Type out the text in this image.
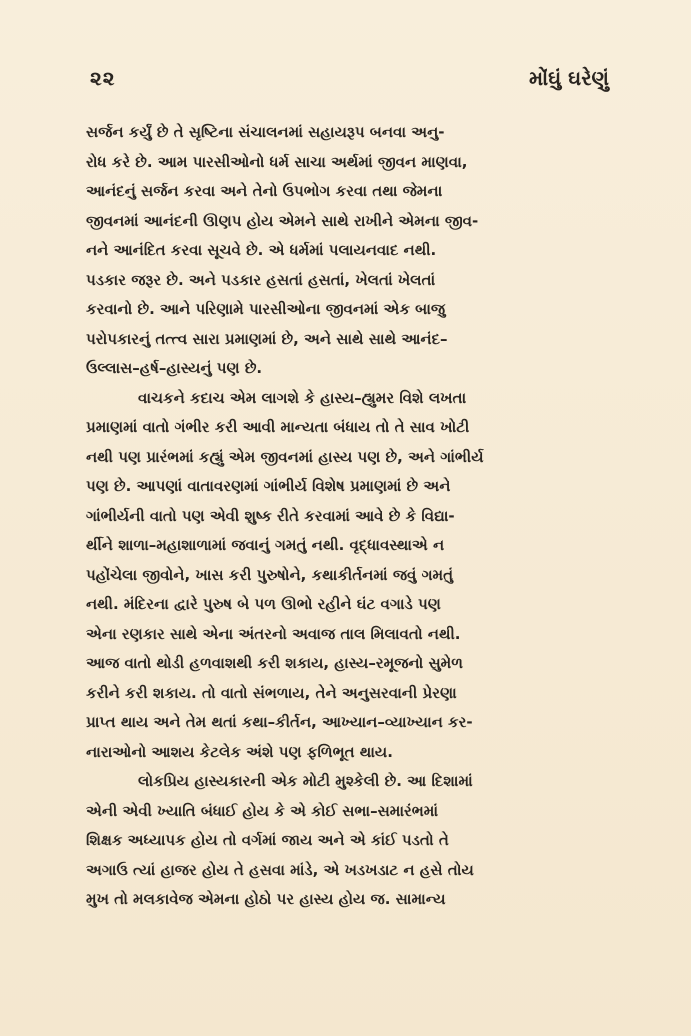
૨૨	મોંઘું ઘરેણું

સર્જન કર્યું છે તે સૃષ્ટિના સંચાલનમાં સહાયરૂપ બનવા અનુ-
રોધ કરે છે. આમ પારસીઓનો ધર્મ સાચા અર્થમાં જીવન માણવા,
આનંદનું સર્જન કરવા અને તેનો ઉપભોગ કરવા તથા જેમના
જીવનમાં આનંદની ઊણપ હોય એમને સાથે રાખીને એમના જીવ-
નને આનંદિત કરવા સૂચવે છે. એ ધર્મમાં પલાયનવાદ નથી.
પડકાર જરૂર છે. અને પડકાર હસતાં હસતાં, ખેલતાં ખેલતાં
કરવાનો છે. આને પરિણામે પારસીઓના જીવનમાં એક બાજુ
પરોપકારનું તત્ત્વ સારા પ્રમાણમાં છે, અને સાથે સાથે આનંદ–
ઉલ્લાસ–હર્ષ–હાસ્યનું પણ છે.

વાચકને કદાચ એમ લાગશે કે હાસ્ય–હ્યુમર વિશે લખતા
પ્રમાણમાં વાતો ગંભીર કરી આવી માન્યતા બંધાય તો તે સાવ ખોટી
નથી પણ પ્રારંભમાં કહ્યું એમ જીવનમાં હાસ્ય પણ છે, અને ગાંભીર્ય
પણ છે. આપણાં વાતાવરણમાં ગાંભીર્ય વિશેષ પ્રમાણમાં છે અને
ગાંભીર્યની વાતો પણ એવી શુષ્ક રીતે કરવામાં આવે છે કે વિદ્યા-
ર્થીને શાળા–મહાશાળામાં જવાનું ગમતું નથી. વૃદ્ધાવસ્થાએ ન
પહોંચેલા જીવોને, ખાસ કરી પુરુષોને, કથાકીર્તનમાં જવું ગમતું
નથી. મંદિરના દ્વારે પુરુષ બે પળ ઊભો રહીને ઘંટ વગાડે પણ
એના રણકાર સાથે એના અંતરનો અવાજ તાલ મિલાવતો નથી.
આજ વાતો થોડી હળવાશથી કરી શકાય, હાસ્ય–રમૂજનો સુમેળ
કરીને કરી શકાય. તો વાતો સંભળાય, તેને અનુસરવાની પ્રેરણા
પ્રાપ્ત થાય અને તેમ થતાં કથા–કીર્તન, આખ્યાન–વ્યાખ્યાન કર-
નારાઓનો આશય કેટલેક અંશે પણ ફળિભૂત થાય.

લોકપ્રિય હાસ્યકારની એક મોટી મુશ્કેલી છે. આ દિશામાં
એની એવી ખ્યાતિ બંધાઈ હોય કે એ કોઈ સભા–સમારંભમાં
શિક્ષક અધ્યાપક હોય તો વર્ગમાં જાય અને એ કાંઈ પડતો તે
અગાઉ ત્યાં હાજર હોય તે હસવા માંડે, એ ખડખડાટ ન હસે તોય
મુખ તો મલકાવેજ એમના હોઠો પર હાસ્ય હોય જ. સામાન્ય
